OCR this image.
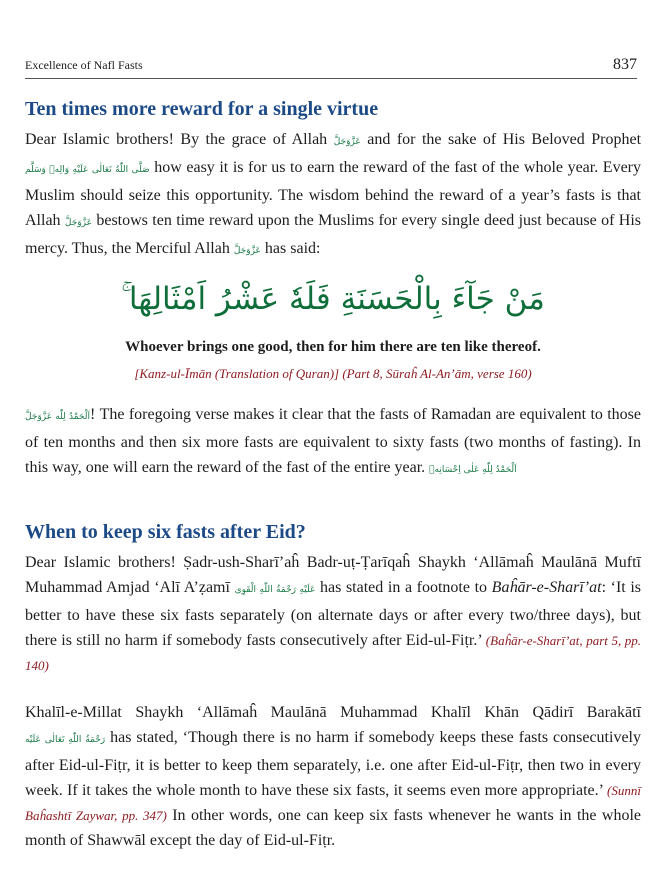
Excellence of Nafl Fasts	837
Ten times more reward for a single virtue

Dear Islamic brothers! By the grace of Allah عَزَّوَجَلَّ and for the sake of His Beloved Prophet صَلَّى اللّٰهُ تَعَالٰی عَلَيْهِ وَالِهٖ وَسَلَّم how easy it is for us to earn the reward of the fast of the whole year. Every Muslim should seize this opportunity. The wisdom behind the reward of a year’s fasts is that Allah عَزَّوَجَلَّ bestows ten time reward upon the Muslims for every single deed just because of His mercy. Thus, the Merciful Allah عَزَّوَجَلَّ has said:

مَنْ جَآءَ بِالْحَسَنَةِ فَلَهٗ عَشْرُ اَمْثَالِهَا ۚ
Whoever brings one good, then for him there are ten like thereof.
[Kanz-ul-Īmān (Translation of Quran)] (Part 8, Sūraĥ Al-An’ām, verse 160)

اَلْحَمْدُ لِلّٰه عَزَّوَجَلَّ! The foregoing verse makes it clear that the fasts of Ramadan are equivalent to those of ten months and then six more fasts are equivalent to sixty fasts (two months of fasting). In this way, one will earn the reward of the fast of the entire year. اَلْحَمْدُ لِلّٰهِ عَلٰى اِحْسَانِهٖ

When to keep six fasts after Eid?

Dear Islamic brothers! Ṣadr-ush-Sharī’aĥ Badr-uṭ-Ṭarīqaĥ Shaykh ‘Allāmaĥ Maulānā Muftī Muhammad Amjad ‘Alī A’ẓamī عَلَيْهِ رَحْمَةُ اللّٰهِ الْقَوِی has stated in a footnote to Baĥār-e-Sharī’at: ‘It is better to have these six fasts separately (on alternate days or after every two/three days), but there is still no harm if somebody fasts consecutively after Eid-ul-Fiṭr.’ (Baĥār-e-Sharī’at, part 5, pp. 140)

Khalīl-e-Millat Shaykh ‘Allāmaĥ Maulānā Muhammad Khalīl Khān Qādirī Barakātī رَحْمَةُ اللّٰهِ تَعَالٰی عَلَيْه has stated, ‘Though there is no harm if somebody keeps these fasts consecutively after Eid-ul-Fiṭr, it is better to keep them separately, i.e. one after Eid-ul-Fiṭr, then two in every week. If it takes the whole month to have these six fasts, it seems even more appropriate.’ (Sunnī Baĥashtī Zaywar, pp. 347) In other words, one can keep six fasts whenever he wants in the whole month of Shawwāl except the day of Eid-ul-Fiṭr.
